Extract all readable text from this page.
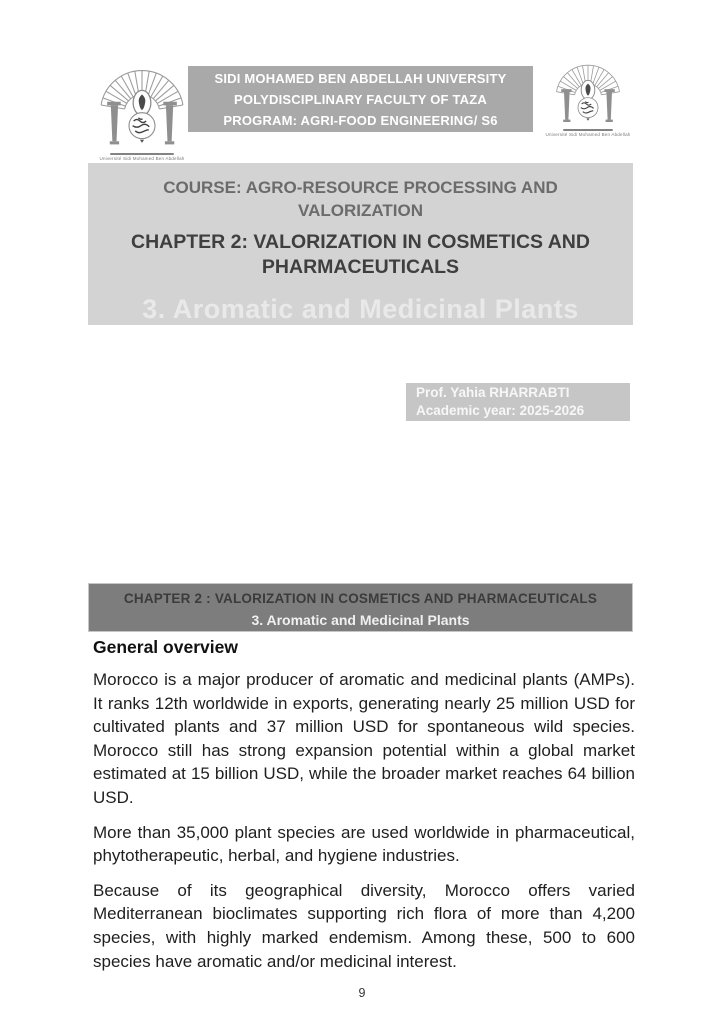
Université Sidi Mohamed Ben Abdellah
SIDI MOHAMED BEN ABDELLAH UNIVERSITY
POLYDISCIPLINARY FACULTY OF TAZA
PROGRAM: AGRI-FOOD ENGINEERING/ S6
Université Sidi Mohamed Ben Abdellah
COURSE: AGRO-RESOURCE PROCESSING AND
VALORIZATION
CHAPTER 2: VALORIZATION IN COSMETICS AND
PHARMACEUTICALS
3. Aromatic and Medicinal Plants
Prof. Yahia RHARRABTI
Academic year: 2025-2026
CHAPTER 2 : VALORIZATION IN COSMETICS AND PHARMACEUTICALS
3. Aromatic and Medicinal Plants
General overview

Morocco is a major producer of aromatic and medicinal plants (AMPs). It ranks 12th worldwide in exports, generating nearly 25 million USD for cultivated plants and 37 million USD for spontaneous wild species. Morocco still has strong expansion potential within a global market estimated at 15 billion USD, while the broader market reaches 64 billion USD.

More than 35,000 plant species are used worldwide in pharmaceutical, phytotherapeutic, herbal, and hygiene industries.

Because of its geographical diversity, Morocco offers varied Mediterranean bioclimates supporting rich flora of more than 4,200 species, with highly marked endemism. Among these, 500 to 600 species have aromatic and/or medicinal interest.

9
